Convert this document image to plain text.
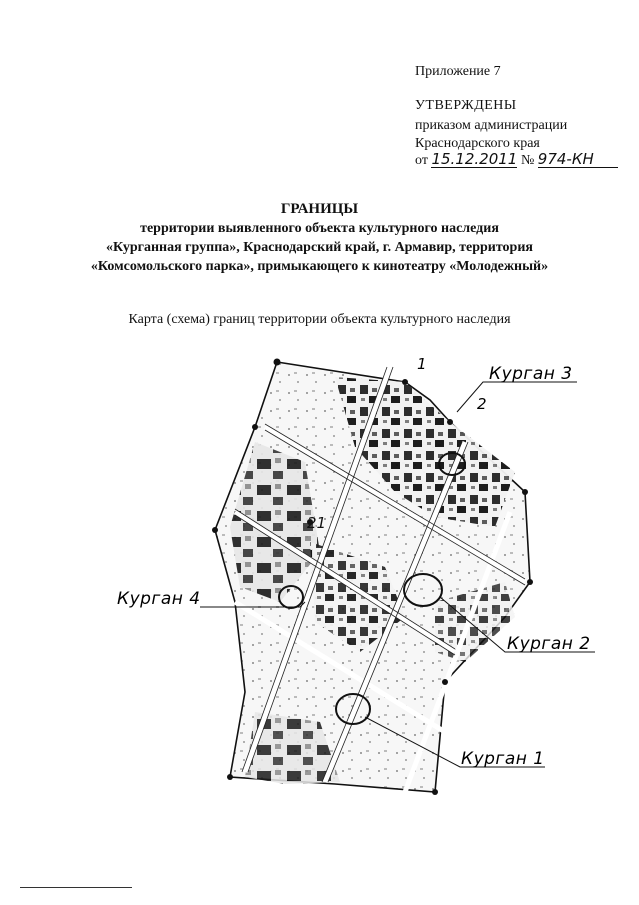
Приложение 7
УТВЕРЖДЕНЫ
приказом администрации
Краснодарского края
от 15.12.2011 № 974-КН
ГРАНИЦЫ
территории выявленного объекта культурного наследия
«Курганная группа», Краснодарский край, г. Армавир, территория
«Комсомольского парка», примыкающего к кинотеатру «Молодежный»
Карта (схема) границ территории объекта культурного наследия
Курган 3
Курган 4
Курган 2
Курган 1
1
2
21
